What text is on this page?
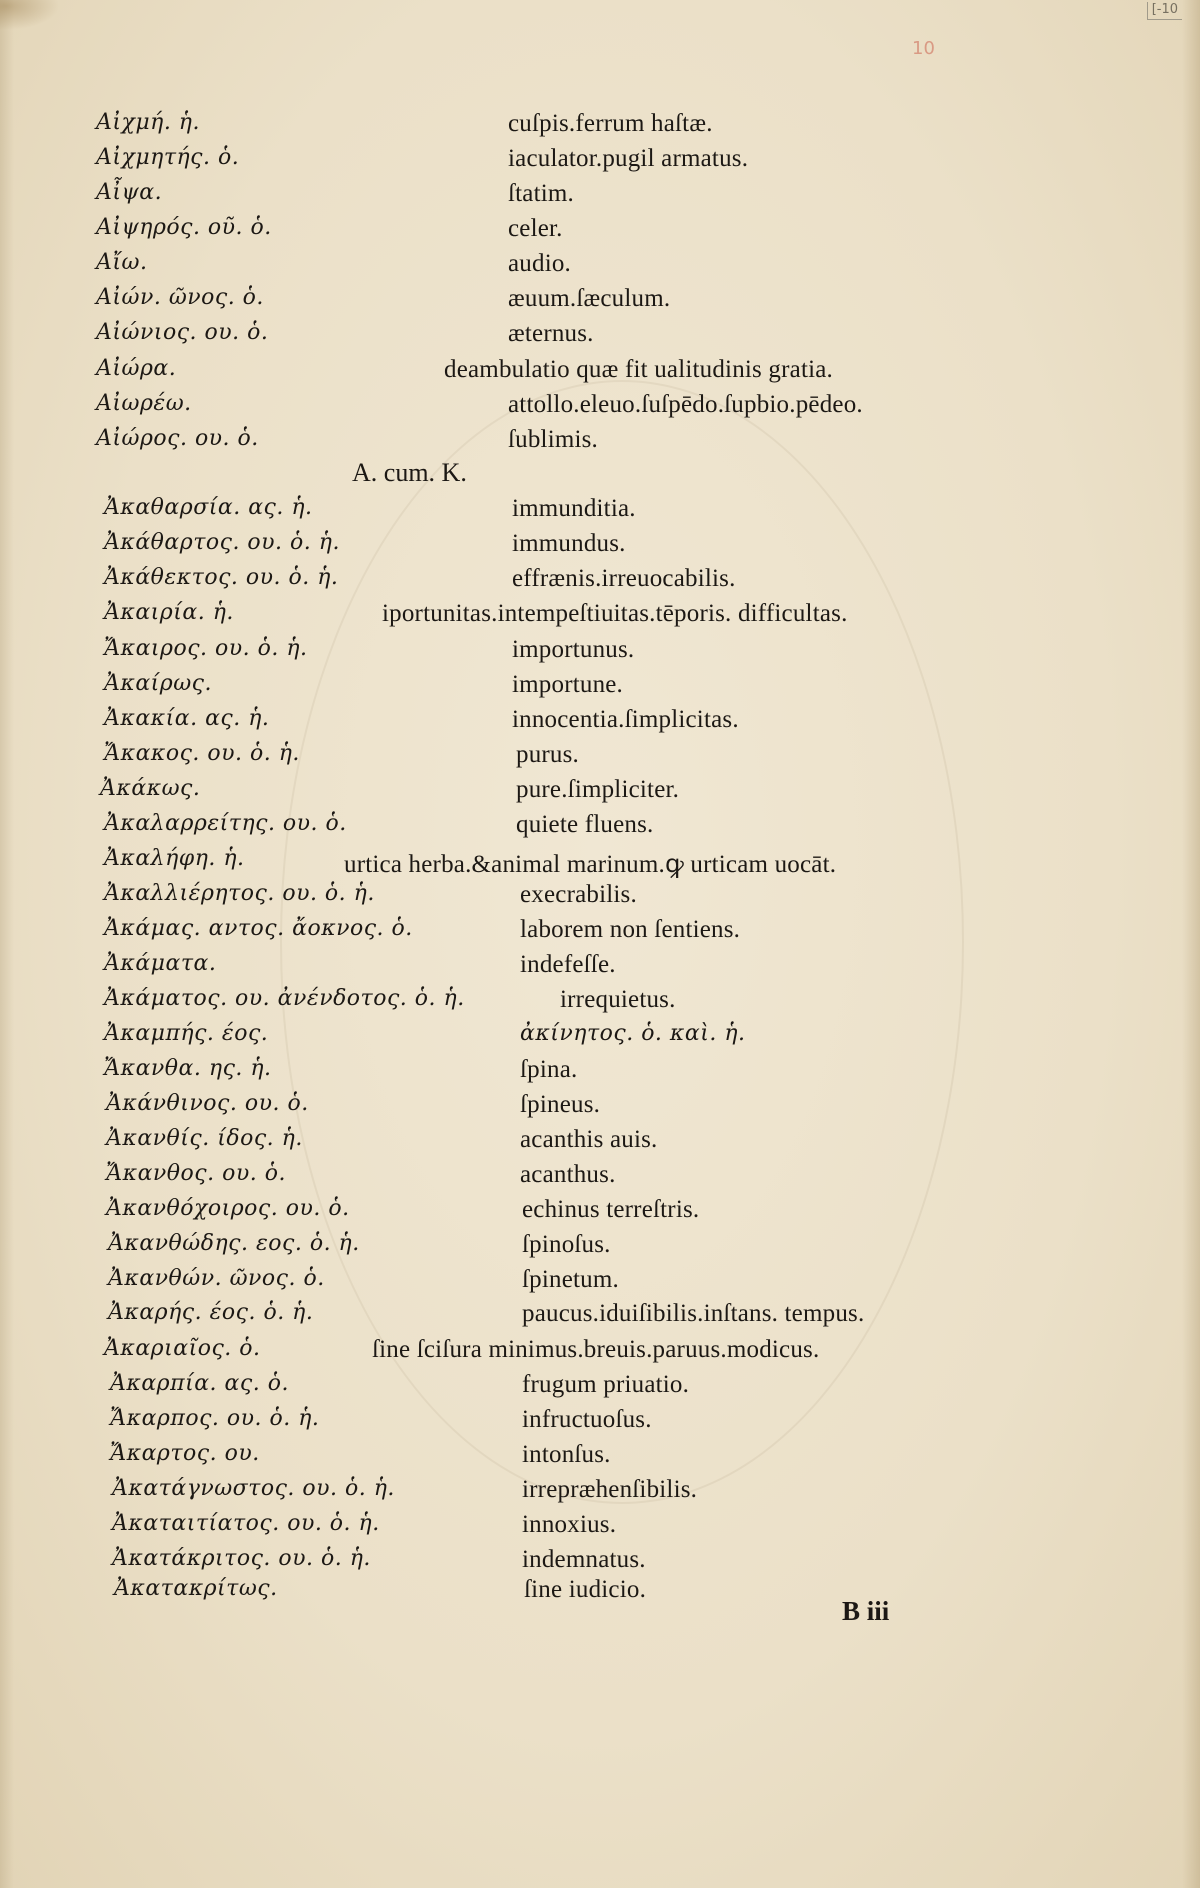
[-10
10
Αἰχμή. ἡ.	cuſpis.ferrum haſtæ.
Αἰχμητής. ὁ.	iaculator.pugil armatus.
Αἶψα.	ſtatim.
Αἰψηρός. οῦ. ὁ.	celer.
Αἴω.	audio.
Αἰών. ῶνος. ὁ.	æuum.ſæculum.
Αἰώνιος. ου. ὁ.	æternus.
Αἰώρα.	deambulatio quæ fit ualitudinis gratia.
Αἰωρέω.	attollo.eleuo.ſuſpēdo.ſupbio.pēdeo.
Αἰώρος. ου. ὁ.	ſublimis.
A. cum. K.
Ἀκαθαρσία. ας. ἡ.	immunditia.
Ἀκάθαρτος. ου. ὁ. ἡ.	immundus.
Ἀκάθεκτος. ου. ὁ. ἡ.	effrænis.irreuocabilis.
Ἀκαιρία. ἡ.	iportunitas.intempeſtiuitas.tēporis. difficultas.
Ἄκαιρος. ου. ὁ. ἡ.	importunus.
Ἀκαίρως.	importune.
Ἀκακία. ας. ἡ.	innocentia.ſimplicitas.
Ἄκακος. ου. ὁ. ἡ.	purus.
Ἀκάκως.	pure.ſimpliciter.
Ἀκαλαρρείτης. ου. ὁ.	quiete fluens.
Ἀκαλήφη. ἡ.	urtica herba.&animal marinum.ꝙ urticam uocāt.
Ἀκαλλιέρητος. ου. ὁ. ἡ.	execrabilis.
Ἀκάμας. αντος. ἄοκνος. ὁ.	laborem non ſentiens.
Ἀκάματα.	indefeſſe.
Ἀκάματος. ου. ἀνένδοτος. ὁ. ἡ.	irrequietus.
Ἀκαμπής. έος.	ἀκίνητος. ὁ. καὶ. ἡ.
Ἄκανθα. ης. ἡ.	ſpina.
Ἀκάνθινος. ου. ὁ.	ſpineus.
Ἀκανθίς. ίδος. ἡ.	acanthis auis.
Ἄκανθος. ου. ὁ.	acanthus.
Ἀκανθόχοιρος. ου. ὁ.	echinus terreſtris.
Ἀκανθώδης. εος. ὁ. ἡ.	ſpinoſus.
Ἀκανθών. ῶνος. ὁ.	ſpinetum.
Ἀκαρής. έος. ὁ. ἡ.	paucus.iduiſibilis.inſtans. tempus.
Ἀκαριαῖος. ὁ.	ſine ſciſura minimus.breuis.paruus.modicus.
Ἀκαρπία. ας. ὁ.	frugum priuatio.
Ἄκαρπος. ου. ὁ. ἡ.	infructuoſus.
Ἄκαρτος. ου.	intonſus.
Ἀκατάγνωστος. ου. ὁ. ἡ.	irrepræhenſibilis.
Ἀκαταιτίατος. ου. ὁ. ἡ.	innoxius.
Ἀκατάκριτος. ου. ὁ. ἡ.	indemnatus.
Ἀκατακρίτως.	ſine iudicio.
B iii
